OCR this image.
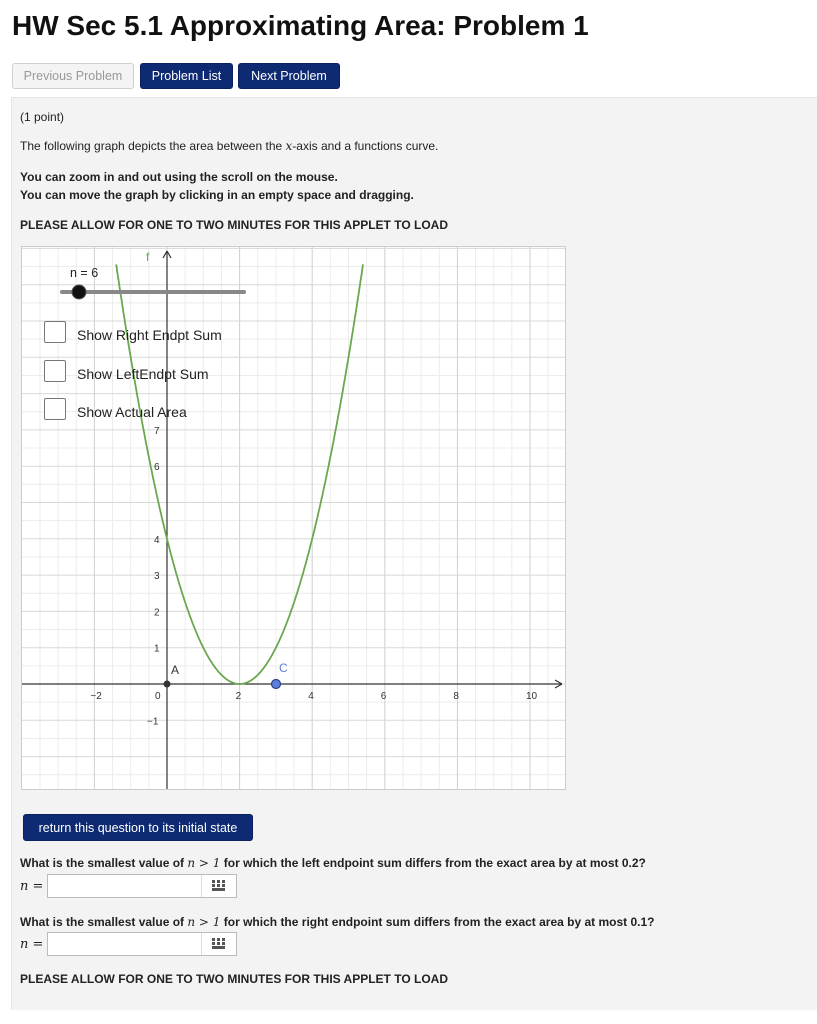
HW Sec 5.1 Approximating Area: Problem 1
Previous Problem	Problem List	Next Problem
(1 point)
The following graph depicts the area between the x-axis and a functions curve.
You can zoom in and out using the scroll on the mouse.
You can move the graph by clicking in an empty space and dragging.
PLEASE ALLOW FOR ONE TO TWO MINUTES FOR THIS APPLET TO LOAD
−2	0	2	4	6	8	10
−1
1
2
3
4
6
7
f
A	C
n = 6
Show Right Endpt Sum
Show LeftEndpt Sum
Show Actual Area
return this question to its initial state
What is the smallest value of n > 1 for which the left endpoint sum differs from the exact area by at most 0.2?
n =
What is the smallest value of n > 1 for which the right endpoint sum differs from the exact area by at most 0.1?
n =
PLEASE ALLOW FOR ONE TO TWO MINUTES FOR THIS APPLET TO LOAD
